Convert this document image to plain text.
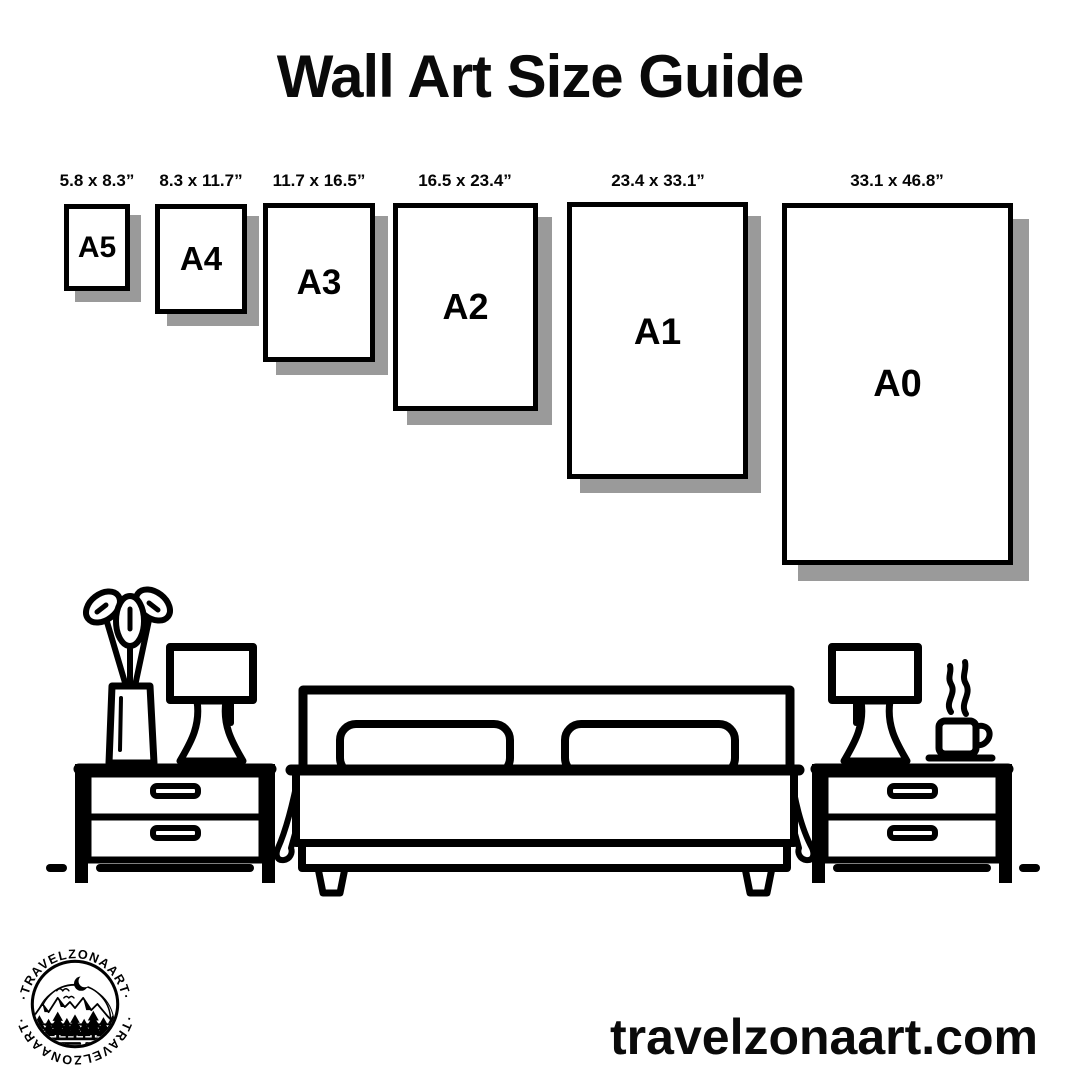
Wall Art Size Guide
5.8 x 8.3” 8.3 x 11.7” 11.7 x 16.5”	16.5 x 23.4”	23.4 x 33.1”	33.1 x 46.8”
A5 A4
A3
A2
A1
A0
·TRAVELZONAART·
·TRAVELZONAART·	travelzonaart.com
